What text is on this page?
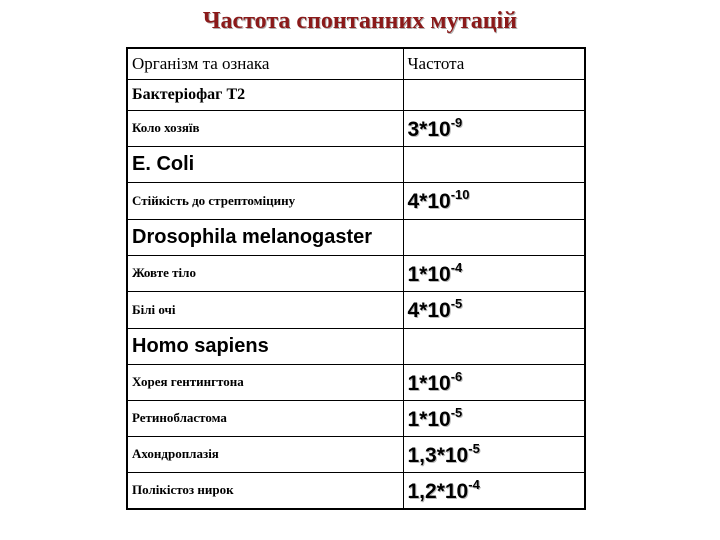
Частота спонтанних мутацій
Організм та ознака	Частота
Бактеріофаг T2	
Коло хозяїв	$3*10^{-9}$
E. Coli	
Стійкість до стрептоміцину	$4*10^{-10}$
Drosophila melanogaster	
Жовте тіло	$1*10^{-4}$
Білі очі	$4*10^{-5}$
Homo sapiens	
Хорея гентингтона	$1*10^{-6}$
Ретинобластома	$1*10^{-5}$
Ахондроплазія	$1,3*10^{-5}$
Полікістоз нирок	$1,2*10^{-4}$
